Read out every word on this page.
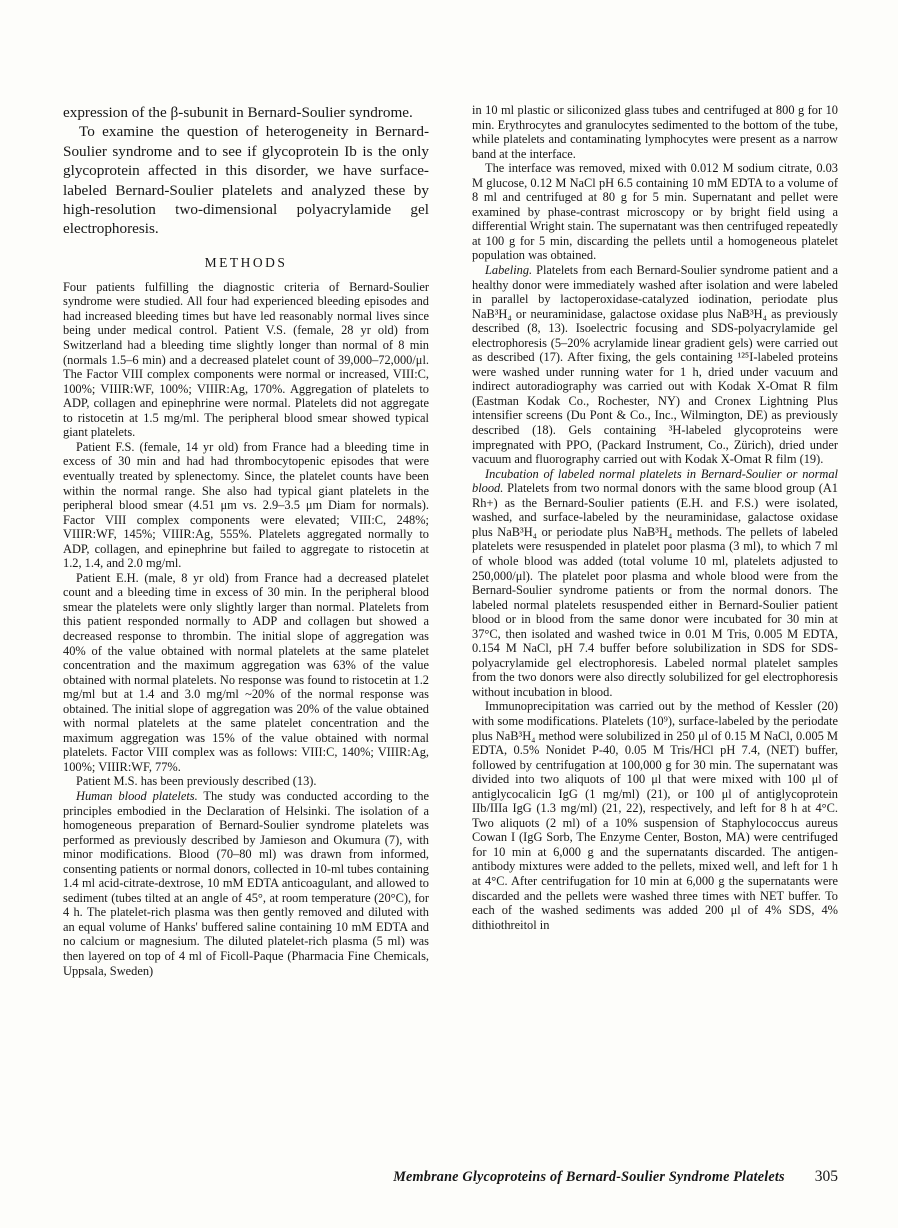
expression of the β-subunit in Bernard-Soulier syndrome.

To examine the question of heterogeneity in Bernard-Soulier syndrome and to see if glycoprotein Ib is the only glycoprotein affected in this disorder, we have surface-labeled Bernard-Soulier platelets and analyzed these by high-resolution two-dimensional polyacrylamide gel electrophoresis.

METHODS

Four patients fulfilling the diagnostic criteria of Bernard-Soulier syndrome were studied. All four had experienced bleeding episodes and had increased bleeding times but have led reasonably normal lives since being under medical control. Patient V.S. (female, 28 yr old) from Switzerland had a bleeding time slightly longer than normal of 8 min (normals 1.5–6 min) and a decreased platelet count of 39,000–72,000/μl. The Factor VIII complex components were normal or increased, VIII:C, 100%; VIIIR:WF, 100%; VIIIR:Ag, 170%. Aggregation of platelets to ADP, collagen and epinephrine were normal. Platelets did not aggregate to ristocetin at 1.5 mg/ml. The peripheral blood smear showed typical giant platelets.

Patient F.S. (female, 14 yr old) from France had a bleeding time in excess of 30 min and had had thrombocytopenic episodes that were eventually treated by splenectomy. Since, the platelet counts have been within the normal range. She also had typical giant platelets in the peripheral blood smear (4.51 μm vs. 2.9–3.5 μm Diam for normals). Factor VIII complex components were elevated; VIII:C, 248%; VIIIR:WF, 145%; VIIIR:Ag, 555%. Platelets aggregated normally to ADP, collagen, and epinephrine but failed to aggregate to ristocetin at 1.2, 1.4, and 2.0 mg/ml.

Patient E.H. (male, 8 yr old) from France had a decreased platelet count and a bleeding time in excess of 30 min. In the peripheral blood smear the platelets were only slightly larger than normal. Platelets from this patient responded normally to ADP and collagen but showed a decreased response to thrombin. The initial slope of aggregation was 40% of the value obtained with normal platelets at the same platelet concentration and the maximum aggregation was 63% of the value obtained with normal platelets. No response was found to ristocetin at 1.2 mg/ml but at 1.4 and 3.0 mg/ml ~20% of the normal response was obtained. The initial slope of aggregation was 20% of the value obtained with normal platelets at the same platelet concentration and the maximum aggregation was 15% of the value obtained with normal platelets. Factor VIII complex was as follows: VIII:C, 140%; VIIIR:Ag, 100%; VIIIR:WF, 77%.

Patient M.S. has been previously described (13).

Human blood platelets. The study was conducted according to the principles embodied in the Declaration of Helsinki. The isolation of a homogeneous preparation of Bernard-Soulier syndrome platelets was performed as previously described by Jamieson and Okumura (7), with minor modifications. Blood (70–80 ml) was drawn from informed, consenting patients or normal donors, collected in 10-ml tubes containing 1.4 ml acid-citrate-dextrose, 10 mM EDTA anticoagulant, and allowed to sediment (tubes tilted at an angle of 45°, at room temperature (20°C), for 4 h. The platelet-rich plasma was then gently removed and diluted with an equal volume of Hanks' buffered saline containing 10 mM EDTA and no calcium or magnesium. The diluted platelet-rich plasma (5 ml) was then layered on top of 4 ml of Ficoll-Paque (Pharmacia Fine Chemicals, Uppsala, Sweden)

in 10 ml plastic or siliconized glass tubes and centrifuged at 800 g for 10 min. Erythrocytes and granulocytes sedimented to the bottom of the tube, while platelets and contaminating lymphocytes were present as a narrow band at the interface.

The interface was removed, mixed with 0.012 M sodium citrate, 0.03 M glucose, 0.12 M NaCl pH 6.5 containing 10 mM EDTA to a volume of 8 ml and centrifuged at 80 g for 5 min. Supernatant and pellet were examined by phase-contrast microscopy or by bright field using a differential Wright stain. The supernatant was then centrifuged repeatedly at 100 g for 5 min, discarding the pellets until a homogeneous platelet population was obtained.

Labeling. Platelets from each Bernard-Soulier syndrome patient and a healthy donor were immediately washed after isolation and were labeled in parallel by lactoperoxidase-catalyzed iodination, periodate plus NaB³H₄ or neuraminidase, galactose oxidase plus NaB³H₄ as previously described (8, 13). Isoelectric focusing and SDS-polyacrylamide gel electrophoresis (5–20% acrylamide linear gradient gels) were carried out as described (17). After fixing, the gels containing ¹²⁵I-labeled proteins were washed under running water for 1 h, dried under vacuum and indirect autoradiography was carried out with Kodak X-Omat R film (Eastman Kodak Co., Rochester, NY) and Cronex Lightning Plus intensifier screens (Du Pont & Co., Inc., Wilmington, DE) as previously described (18). Gels containing ³H-labeled glycoproteins were impregnated with PPO, (Packard Instrument, Co., Zürich), dried under vacuum and fluorography carried out with Kodak X-Omat R film (19).

Incubation of labeled normal platelets in Bernard-Soulier or normal blood. Platelets from two normal donors with the same blood group (A1 Rh+) as the Bernard-Soulier patients (E.H. and F.S.) were isolated, washed, and surface-labeled by the neuraminidase, galactose oxidase plus NaB³H₄ or periodate plus NaB³H₄ methods. The pellets of labeled platelets were resuspended in platelet poor plasma (3 ml), to which 7 ml of whole blood was added (total volume 10 ml, platelets adjusted to 250,000/μl). The platelet poor plasma and whole blood were from the Bernard-Soulier syndrome patients or from the normal donors. The labeled normal platelets resuspended either in Bernard-Soulier patient blood or in blood from the same donor were incubated for 30 min at 37°C, then isolated and washed twice in 0.01 M Tris, 0.005 M EDTA, 0.154 M NaCl, pH 7.4 buffer before solubilization in SDS for SDS-polyacrylamide gel electrophoresis. Labeled normal platelet samples from the two donors were also directly solubilized for gel electrophoresis without incubation in blood.

Immunoprecipitation was carried out by the method of Kessler (20) with some modifications. Platelets (10⁹), surface-labeled by the periodate plus NaB³H₄ method were solubilized in 250 μl of 0.15 M NaCl, 0.005 M EDTA, 0.5% Nonidet P-40, 0.05 M Tris/HCl pH 7.4, (NET) buffer, followed by centrifugation at 100,000 g for 30 min. The supernatant was divided into two aliquots of 100 μl that were mixed with 100 μl of antiglycocalicin IgG (1 mg/ml) (21), or 100 μl of antiglycoprotein IIb/IIIa IgG (1.3 mg/ml) (21, 22), respectively, and left for 8 h at 4°C. Two aliquots (2 ml) of a 10% suspension of Staphylococcus aureus Cowan I (IgG Sorb, The Enzyme Center, Boston, MA) were centrifuged for 10 min at 6,000 g and the supernatants discarded. The antigen-antibody mixtures were added to the pellets, mixed well, and left for 1 h at 4°C. After centrifugation for 10 min at 6,000 g the supernatants were discarded and the pellets were washed three times with NET buffer. To each of the washed sediments was added 200 μl of 4% SDS, 4% dithiothreitol in

Membrane Glycoproteins of Bernard-Soulier Syndrome Platelets 305
